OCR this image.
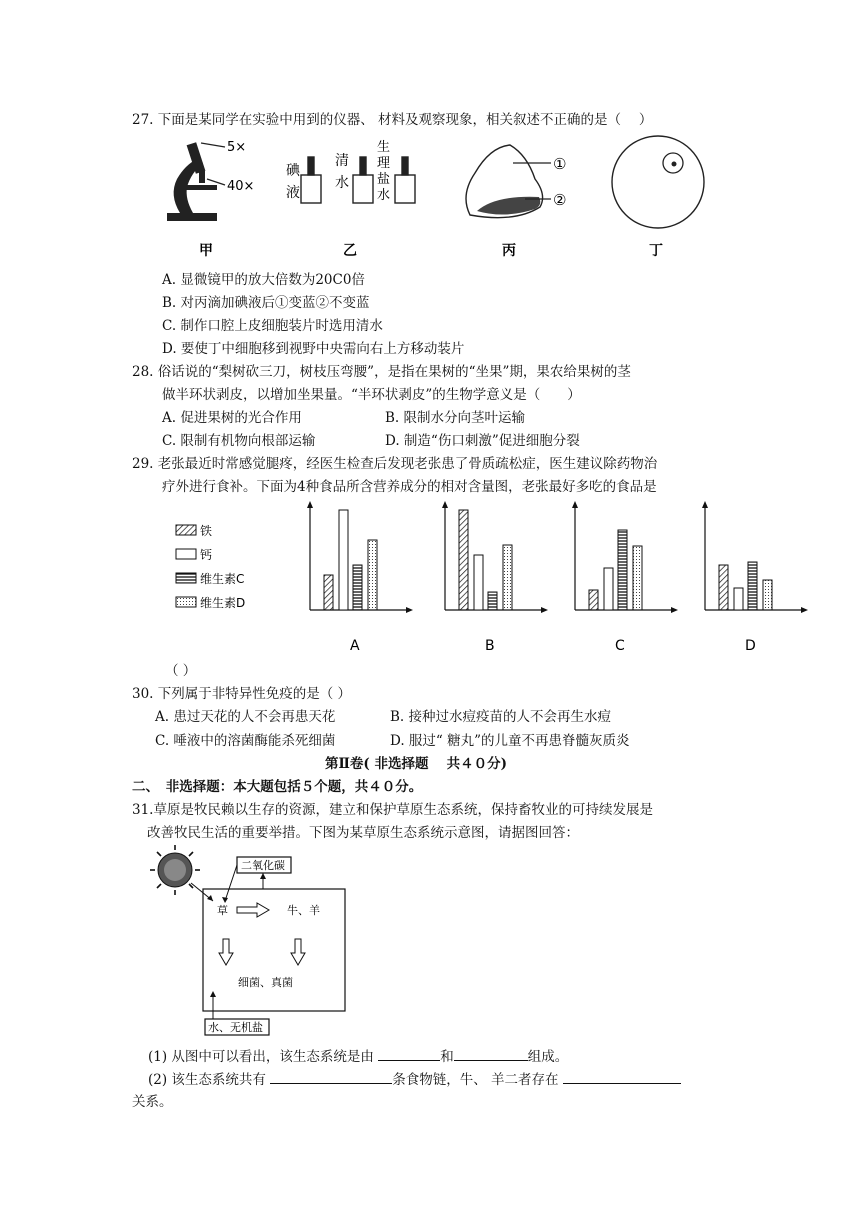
27. 下面是某同学在实验中用到的仪器、 材料及观察现象，相关叙述不正确的是（　 ）
5×
40×
碘
液
清
水
生
理
盐
水
①
②
甲	乙	丙	丁
A. 显微镜甲的放大倍数为20C0倍
B. 对丙滴加碘液后①变蓝②不变蓝
C. 制作口腔上皮细胞装片时选用清水
D. 要使丁中细胞移到视野中央需向右上方移动装片
28. 俗话说的“梨树砍三刀，树枝压弯腰”，是指在果树的“坐果”期，果农给果树的茎
做半环状剥皮，以增加坐果量。“半环状剥皮”的生物学意义是（　　）
A. 促进果树的光合作用	B. 限制水分向茎叶运输
C. 限制有机物向根部运输	D. 制造“伤口刺激”促进细胞分裂
29. 老张最近时常感觉腿疼，经医生检查后发现老张患了骨质疏松症，医生建议除药物治
疗外进行食补。下面为4种食品所含营养成分的相对含量图，老张最好多吃的食品是
铁
钙
维生素C
维生素D
A	B	C	D
（ ）
30. 下列属于非特异性免疫的是（ ）
A. 患过天花的人不会再患天花	B. 接种过水痘疫苗的人不会再生水痘
C. 唾液中的溶菌酶能杀死细菌	D. 服过“ 糖丸”的儿童不再患脊髓灰质炎
第Ⅱ卷( 非选择题　 共４０分)
二、　非选择题：本大题包括５个题，共４０分。
31.草原是牧民赖以生存的资源，建立和保护草原生态系统，保持畜牧业的可持续发展是
改善牧民生活的重要举措。下图为某草原生态系统示意图，请据图回答：
二氧化碳
草	牛、羊
细菌、真菌
水、无机盐
(1) 从图中可以看出，该生态系统是由	和	组成。
(2) 该生态系统共有	条食物链，牛、 羊二者存在
关系。
